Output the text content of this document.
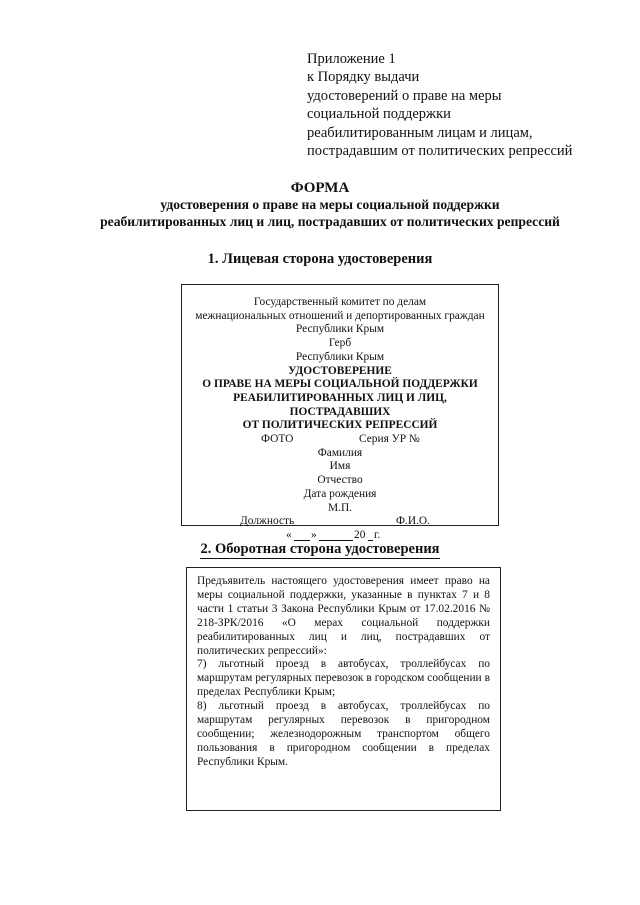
Приложение 1
к Порядку выдачи
удостоверений о праве на меры
социальной поддержки
реабилитированным лицам и лицам,
пострадавшим от политических репрессий
ФОРМА
удостоверения о праве на меры социальной поддержки
реабилитированных лиц и лиц, пострадавших от политических репрессий
1. Лицевая сторона удостоверения
Государственный комитет по делам
межнациональных отношений и депортированных граждан
Республики Крым
Герб
Республики Крым
УДОСТОВЕРЕНИЕ
О ПРАВЕ НА МЕРЫ СОЦИАЛЬНОЙ ПОДДЕРЖКИ
РЕАБИЛИТИРОВАННЫХ ЛИЦ И ЛИЦ, ПОСТРАДАВШИХ
ОТ ПОЛИТИЧЕСКИХ РЕПРЕССИЙ
ФОТО	Серия УР №
Фамилия
Имя
Отчество
Дата рождения
М.П.
Должность	Ф.И.О.
« »	20 г.
2. Оборотная сторона удостоверения

Предъявитель настоящего удостоверения имеет право на меры социальной поддержки, указанные в пунктах 7 и 8 части 1 статьи 3 Закона Республики Крым от 17.02.2016 № 218-ЗРК/2016 «О мерах социальной поддержки реабилитированных лиц и лиц, пострадавших от политических репрессий»:

7) льготный проезд в автобусах, троллейбусах по маршрутам регулярных перевозок в городском сообщении в пределах Республики Крым;

8) льготный проезд в автобусах, троллейбусах по маршрутам регулярных перевозок в пригородном сообщении; железнодорожным транспортом общего пользования в пригородном сообщении в пределах Республики Крым.
